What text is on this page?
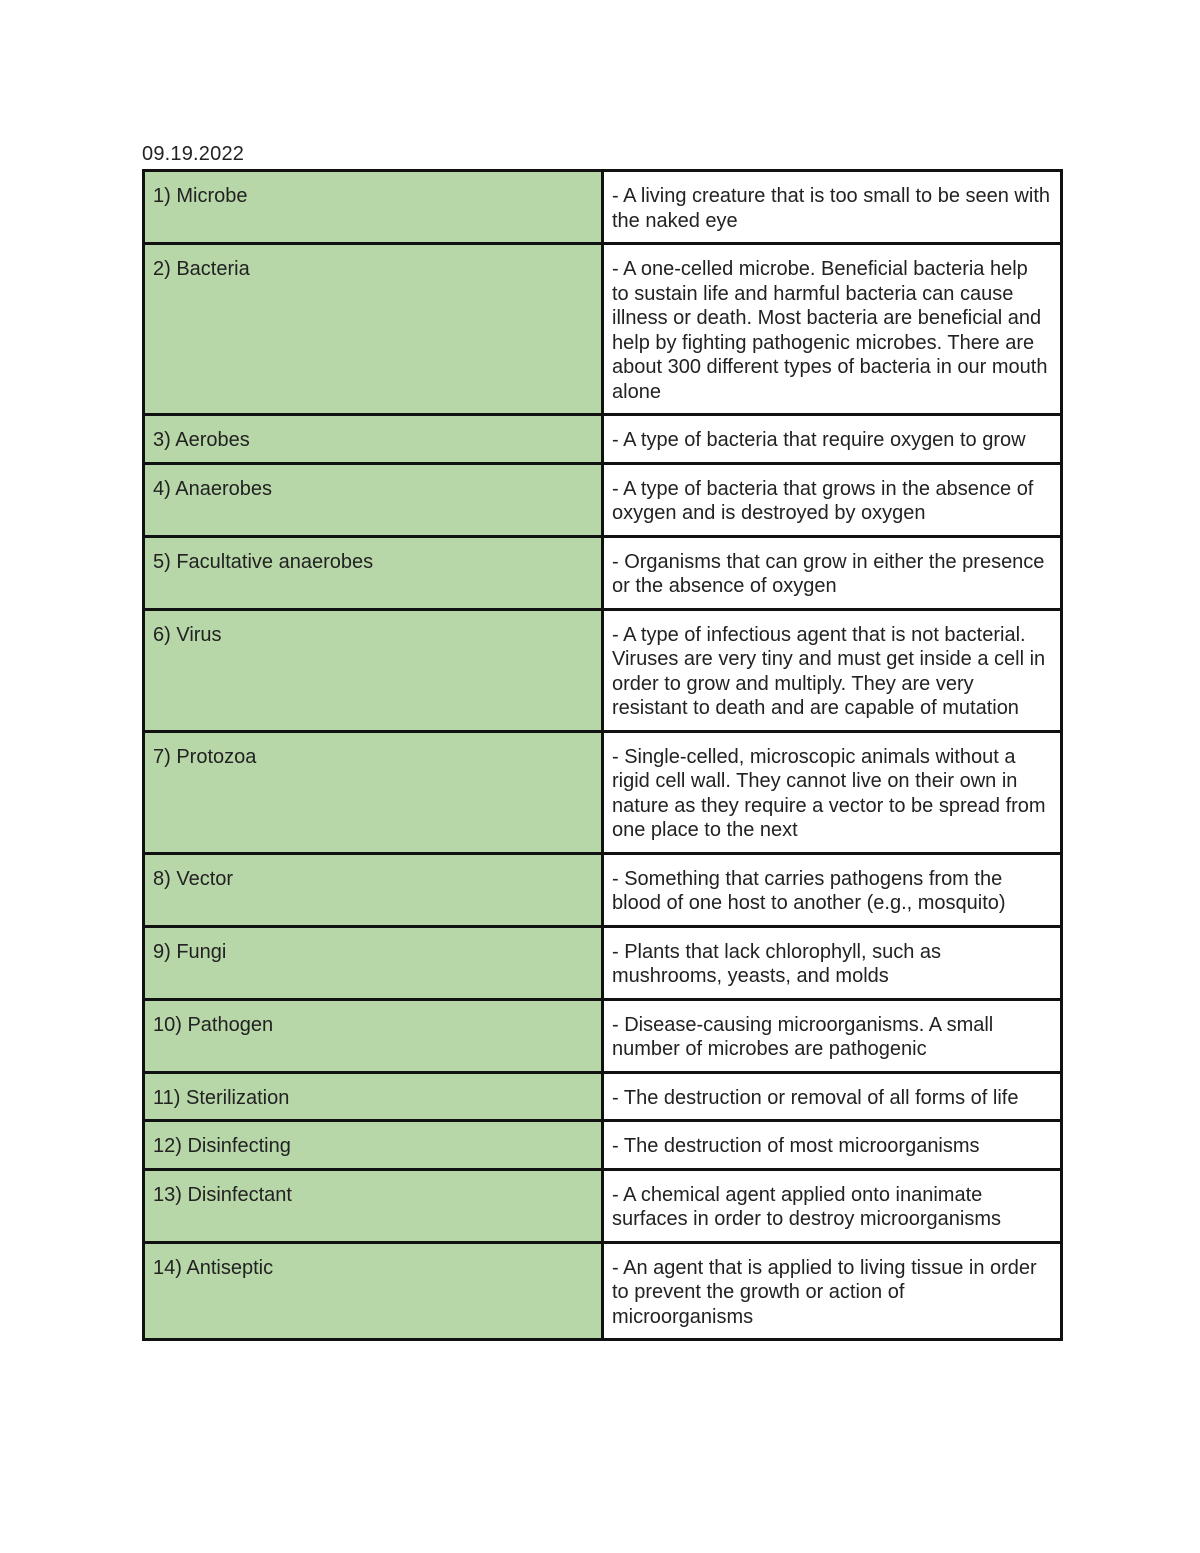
09.19.2022
1) Microbe	- A living creature that is too small to be seen with the naked eye
2) Bacteria	- A one-celled microbe. Beneficial bacteria help to sustain life and harmful bacteria can cause illness or death. Most bacteria are beneficial and help by fighting pathogenic microbes. There are about 300 different types of bacteria in our mouth alone
3) Aerobes	- A type of bacteria that require oxygen to grow
4) Anaerobes	- A type of bacteria that grows in the absence of oxygen and is destroyed by oxygen
5) Facultative anaerobes	- Organisms that can grow in either the presence or the absence of oxygen
6) Virus	- A type of infectious agent that is not bacterial. Viruses are very tiny and must get inside a cell in order to grow and multiply. They are very resistant to death and are capable of mutation
7) Protozoa	- Single-celled, microscopic animals without a rigid cell wall. They cannot live on their own in nature as they require a vector to be spread from one place to the next
8) Vector	- Something that carries pathogens from the blood of one host to another (e.g., mosquito)
9) Fungi	- Plants that lack chlorophyll, such as mushrooms, yeasts, and molds
10) Pathogen	- Disease-causing microorganisms. A small number of microbes are pathogenic
11) Sterilization	- The destruction or removal of all forms of life
12) Disinfecting	- The destruction of most microorganisms
13) Disinfectant	- A chemical agent applied onto inanimate surfaces in order to destroy microorganisms
14) Antiseptic	- An agent that is applied to living tissue in order to prevent the growth or action of microorganisms
